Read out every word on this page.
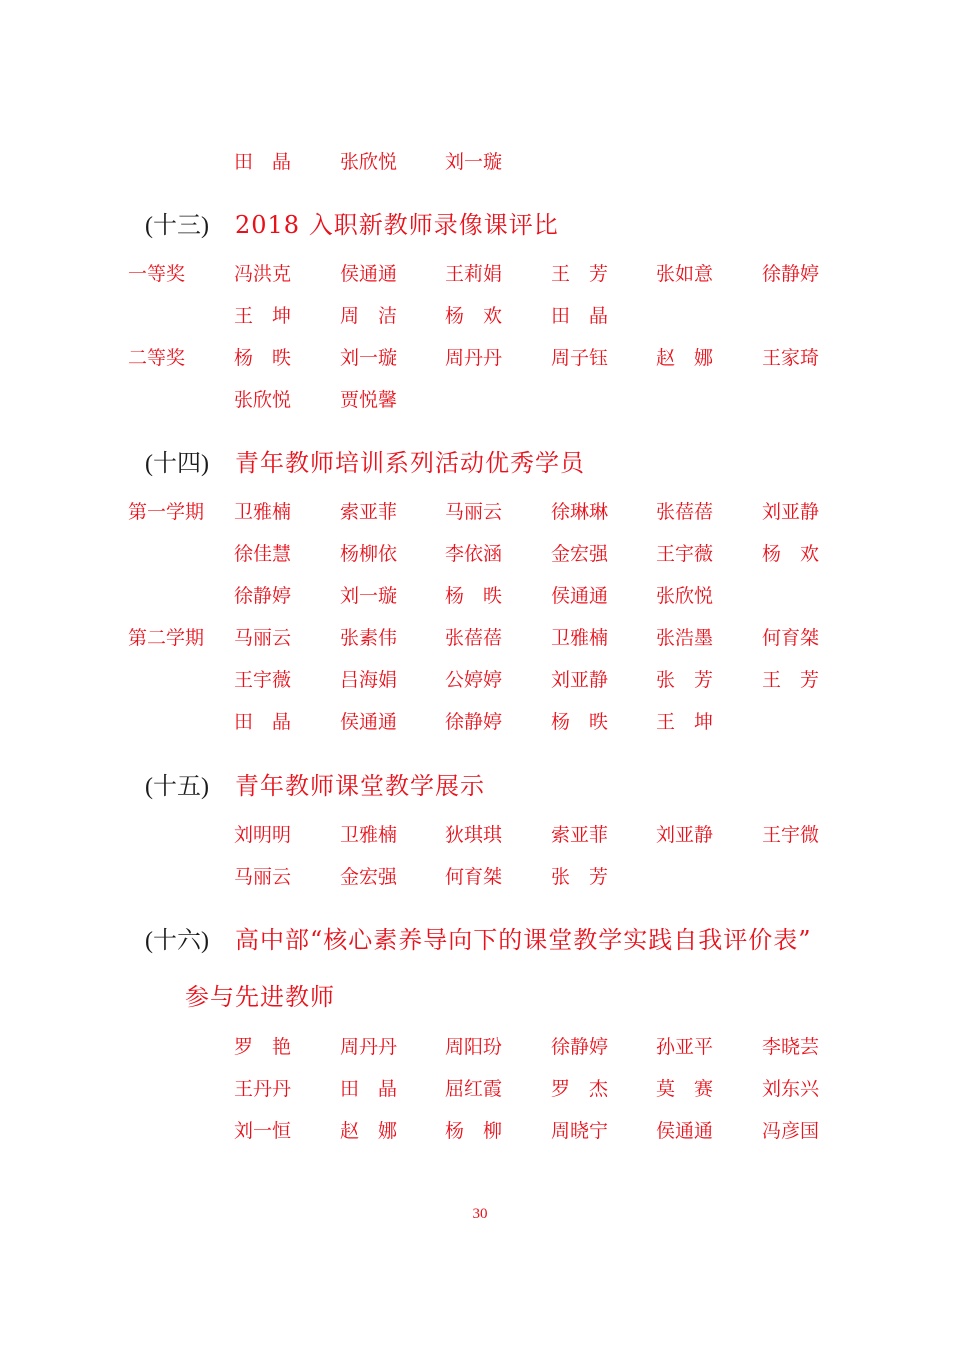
田　晶	张欣悦	刘一璇
(十三) 2018 入职新教师录像课评比
一等奖	冯洪克	侯通通	王莉娟	王　芳	张如意	徐静婷
王　坤	周　洁	杨　欢	田　晶
二等奖	杨　昳	刘一璇	周丹丹	周子钰	赵　娜	王家琦
张欣悦	贾悦馨
(十四) 青年教师培训系列活动优秀学员
第一学期 卫雅楠	索亚菲	马丽云	徐琳琳	张蓓蓓	刘亚静
徐佳慧	杨柳依	李依涵	金宏强	王宇薇	杨　欢
徐静婷	刘一璇	杨　昳	侯通通	张欣悦
第二学期 马丽云	张素伟	张蓓蓓	卫雅楠	张浩墨	何育桀
王宇薇	吕海娟	公婷婷	刘亚静	张　芳	王　芳
田　晶	侯通通	徐静婷	杨　昳	王　坤
(十五) 青年教师课堂教学展示
刘明明	卫雅楠	狄琪琪	索亚菲	刘亚静	王宇微
马丽云	金宏强	何育桀	张　芳
(十六) 高中部“核心素养导向下的课堂教学实践自我评价表”
参与先进教师
罗　艳	周丹丹	周阳玢	徐静婷	孙亚平	李晓芸
王丹丹	田　晶	屈红霞	罗　杰	莫　赛	刘东兴
刘一恒	赵　娜	杨　柳	周晓宁	侯通通	冯彦国
30
